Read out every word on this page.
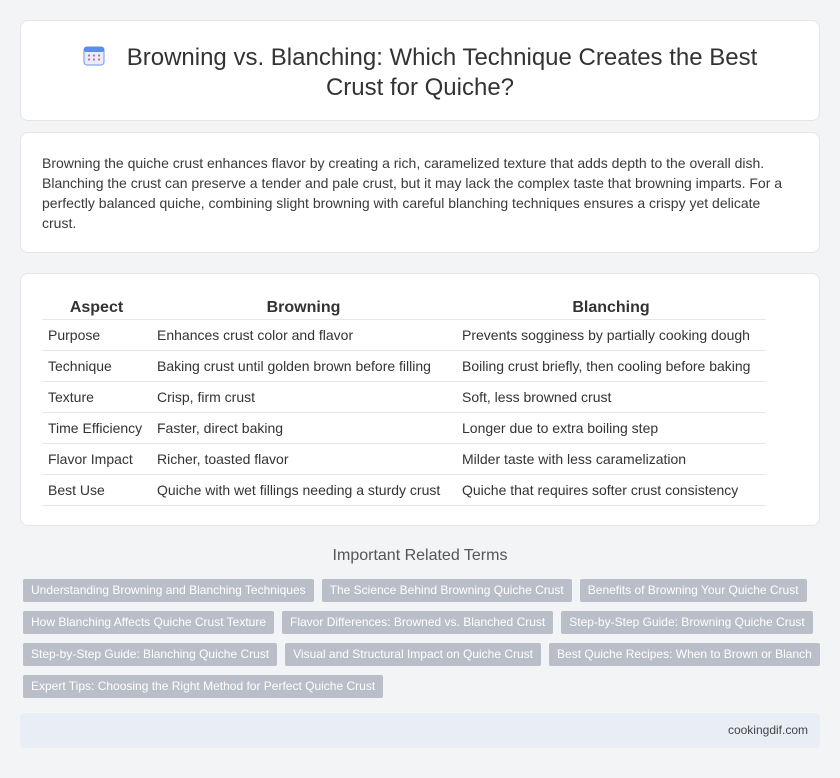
Browning vs. Blanching: Which Technique Creates the Best Crust for Quiche?

Browning the quiche crust enhances flavor by creating a rich, caramelized texture that adds depth to the overall dish. Blanching the crust can preserve a tender and pale crust, but it may lack the complex taste that browning imparts. For a perfectly balanced quiche, combining slight browning with careful blanching techniques ensures a crispy yet delicate crust.

Aspect	Browning	Blanching
Purpose	Enhances crust color and flavor	Prevents sogginess by partially cooking dough
Technique	Baking crust until golden brown before filling	Boiling crust briefly, then cooling before baking
Texture	Crisp, firm crust	Soft, less browned crust
Time Efficiency	Faster, direct baking	Longer due to extra boiling step
Flavor Impact	Richer, toasted flavor	Milder taste with less caramelization
Best Use	Quiche with wet fillings needing a sturdy crust	Quiche that requires softer crust consistency
Important Related Terms
Understanding Browning and Blanching Techniques	The Science Behind Browning Quiche Crust	Benefits of Browning Your Quiche Crust
How Blanching Affects Quiche Crust Texture	Flavor Differences: Browned vs. Blanched Crust	Step-by-Step Guide: Browning Quiche Crust
Step-by-Step Guide: Blanching Quiche Crust	Visual and Structural Impact on Quiche Crust	Best Quiche Recipes: When to Brown or Blanch
Expert Tips: Choosing the Right Method for Perfect Quiche Crust
cookingdif.com
